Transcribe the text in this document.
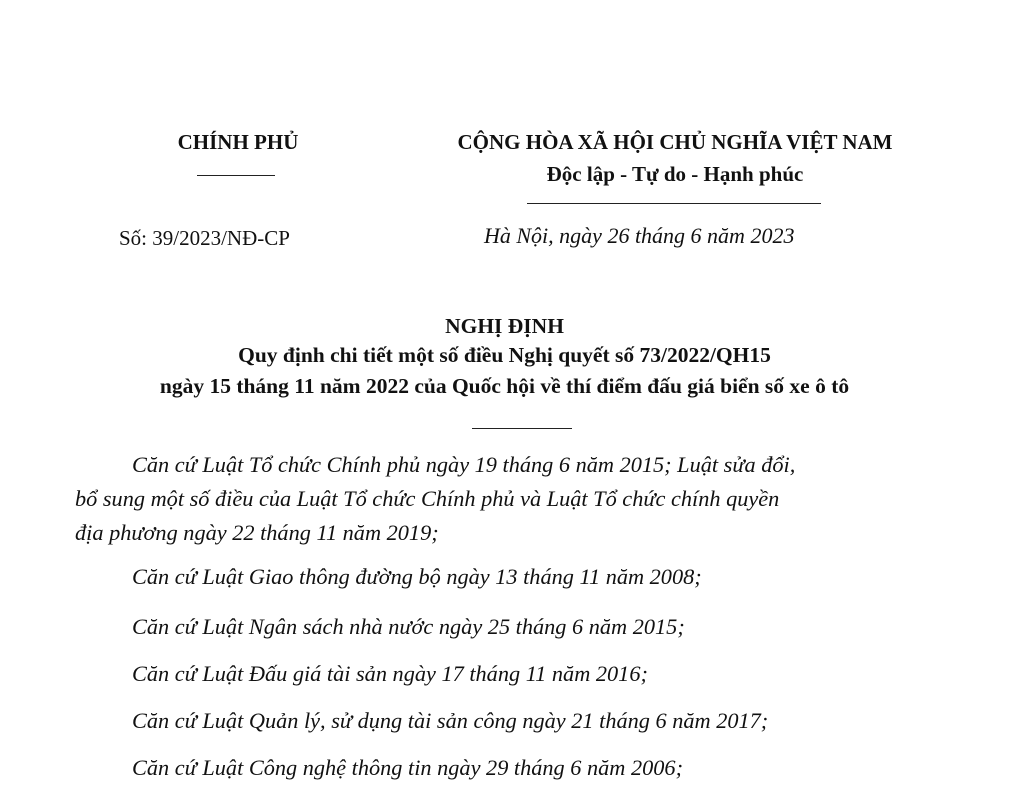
CHÍNH PHỦ	CỘNG HÒA XÃ HỘI CHỦ NGHĨA VIỆT NAM
Độc lập - Tự do - Hạnh phúc
Số: 39/2023/NĐ-CP	Hà Nội, ngày 26 tháng 6 năm 2023
NGHỊ ĐỊNH
Quy định chi tiết một số điều Nghị quyết số 73/2022/QH15
ngày 15 tháng 11 năm 2022 của Quốc hội về thí điểm đấu giá biển số xe ô tô
Căn cứ Luật Tổ chức Chính phủ ngày 19 tháng 6 năm 2015; Luật sửa đổi,
bổ sung một số điều của Luật Tổ chức Chính phủ và Luật Tổ chức chính quyền
địa phương ngày 22 tháng 11 năm 2019;
Căn cứ Luật Giao thông đường bộ ngày 13 tháng 11 năm 2008;
Căn cứ Luật Ngân sách nhà nước ngày 25 tháng 6 năm 2015;
Căn cứ Luật Đấu giá tài sản ngày 17 tháng 11 năm 2016;
Căn cứ Luật Quản lý, sử dụng tài sản công ngày 21 tháng 6 năm 2017;
Căn cứ Luật Công nghệ thông tin ngày 29 tháng 6 năm 2006;
